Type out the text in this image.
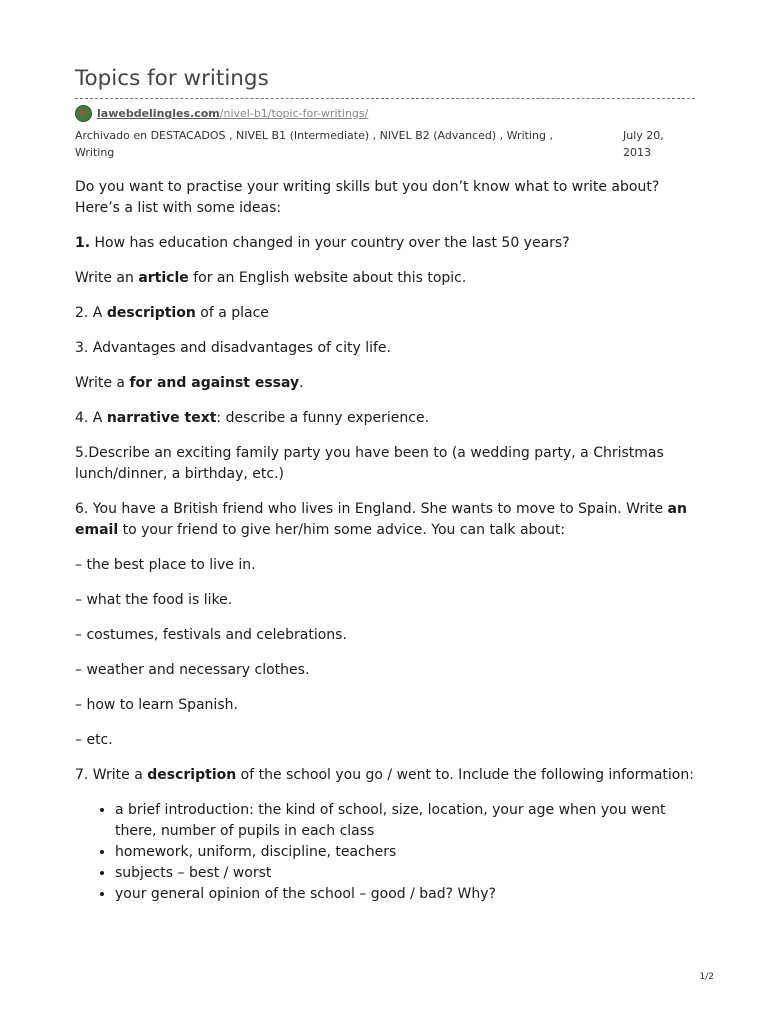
Topics for writings
lawebdelingles.com /nivel-b1/topic-for-writings/
Archivado en DESTACADOS , NIVEL B1 (Intermediate) , NIVEL B2 (Advanced) , Writing , Writing
July 20, 2013

Do you want to practise your writing skills but you don’t know what to write about? Here’s a list with some ideas:

1. How has education changed in your country over the last 50 years?

Write an article for an English website about this topic.

2. A description of a place

3. Advantages and disadvantages of city life.

Write a for and against essay.

4. A narrative text: describe a funny experience.

5.Describe an exciting family party you have been to (a wedding party, a Christmas lunch/dinner, a birthday, etc.)

6. You have a British friend who lives in England. She wants to move to Spain. Write an email to your friend to give her/him some advice. You can talk about:

– the best place to live in.

– what the food is like.

– costumes, festivals and celebrations.

– weather and necessary clothes.

– how to learn Spanish.

– etc.

7. Write a description of the school you go / went to. Include the following information:

• a brief introduction: the kind of school, size, location, your age when you went there, number of pupils in each class
• homework, uniform, discipline, teachers
• subjects – best / worst
• your general opinion of the school – good / bad? Why?
1/2
